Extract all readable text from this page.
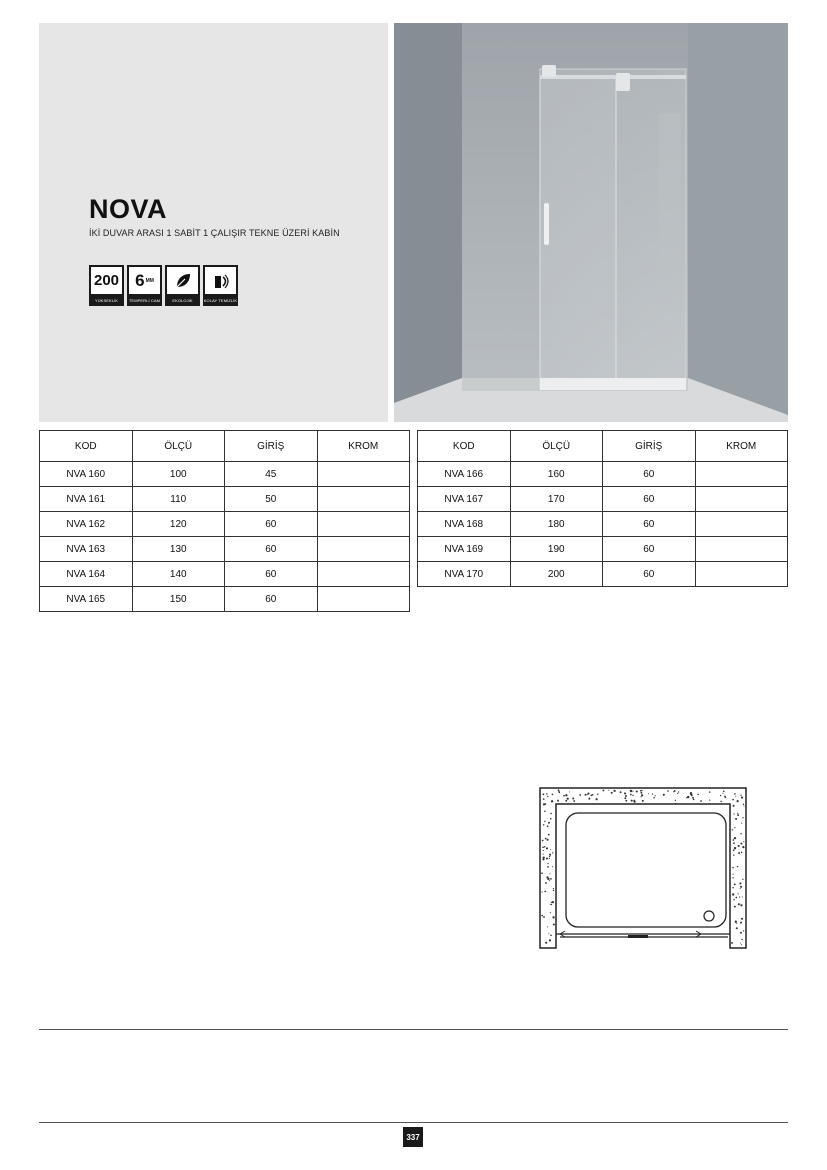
NOVA
İKİ DUVAR ARASI 1 SABİT 1 ÇALIŞIR TEKNE ÜZERİ KABİN
200
YÜKSEKLİK
6 MM
TEMPERLİ CAM	EKOLOJİK	KOLAY TEMİZLİK
KOD	ÖLÇÜ	GİRİŞ	KROM
NVA 160	100	45	
NVA 161	110	50	
NVA 162	120	60	
NVA 163	130	60	
NVA 164	140	60	
NVA 165	150	60	
KOD	ÖLÇÜ	GİRİŞ	KROM
NVA 166	160	60	
NVA 167	170	60	
NVA 168	180	60	
NVA 169	190	60	
NVA 170	200	60	
337
